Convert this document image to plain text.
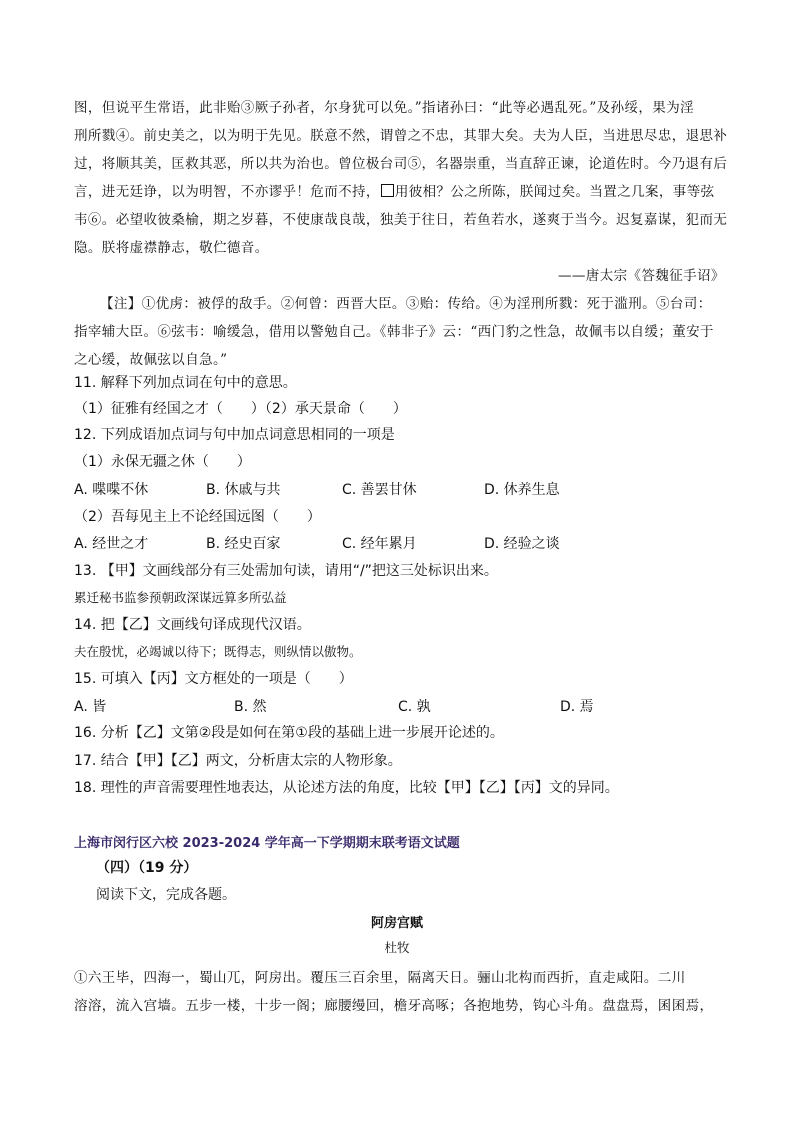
图，但说平生常语，此非贻③厥子孙者，尔身犹可以免。”指诸孙曰：“此等必遇乱死。”及孙绥，果为淫
刑所戮④。前史美之，以为明于先见。朕意不然，谓曾之不忠，其罪大矣。夫为人臣，当进思尽忠，退思补
过，将顺其美，匡救其恶，所以共为治也。曾位极台司⑤，名器崇重，当直辞正谏，论道佐时。今乃退有后
言，进无廷诤，以为明智，不亦谬乎！危而不持， 用彼相？公之所陈，朕闻过矣。当置之几案，事等弦
韦⑥。必望收彼桑榆，期之岁暮，不使康哉良哉，独美于往日，若鱼若水，遂爽于当今。迟复嘉谋，犯而无
隐。朕将虚襟静志，敬伫德音。
——唐太宗《答魏征手诏》
【注】①优虏：被俘的敌手。②何曾：西晋大臣。③贻：传给。④为淫刑所戮：死于滥刑。⑤台司：
指宰辅大臣。⑥弦韦：喻缓急，借用以警勉自己。《韩非子》云：“西门豹之性急，故佩韦以自缓；董安于
之心缓，故佩弦以自急。”
11. 解释下列加点词在句中的意思。
（1）征雅有经国之才（　　）（2）承天景命（　　）
12. 下列成语加点词与句中加点词意思相同的一项是
（1）永保无疆之休（　　）
A. 喋喋不休	B. 休戚与共	C. 善罢甘休	D. 休养生息
（2）吾每见主上不论经国远图（　　）
A. 经世之才	B. 经史百家	C. 经年累月	D. 经验之谈
13. 【甲】文画线部分有三处需加句读，请用“/”把这三处标识出来。
累迁秘书监参预朝政深谋远算多所弘益
14. 把【乙】文画线句译成现代汉语。
夫在殷忧，必竭诚以待下；既得志，则纵情以傲物。
15. 可填入【丙】文方框处的一项是（　　）
A. 皆	B. 然	C. 孰	D. 焉
16. 分析【乙】文第②段是如何在第①段的基础上进一步展开论述的。
17. 结合【甲】【乙】两文，分析唐太宗的人物形象。
18. 理性的声音需要理性地表达，从论述方法的角度，比较【甲】【乙】【丙】文的异同。
上海市闵行区六校 2023-2024 学年高一下学期期末联考语文试题
（四）（19 分）
阅读下文，完成各题。
阿房宫赋
杜牧
①六王毕，四海一，蜀山兀，阿房出。覆压三百余里，隔离天日。骊山北构而西折，直走咸阳。二川
溶溶，流入宫墙。五步一楼，十步一阁；廊腰缦回，檐牙高啄；各抱地势，钩心斗角。盘盘焉，囷囷焉，
